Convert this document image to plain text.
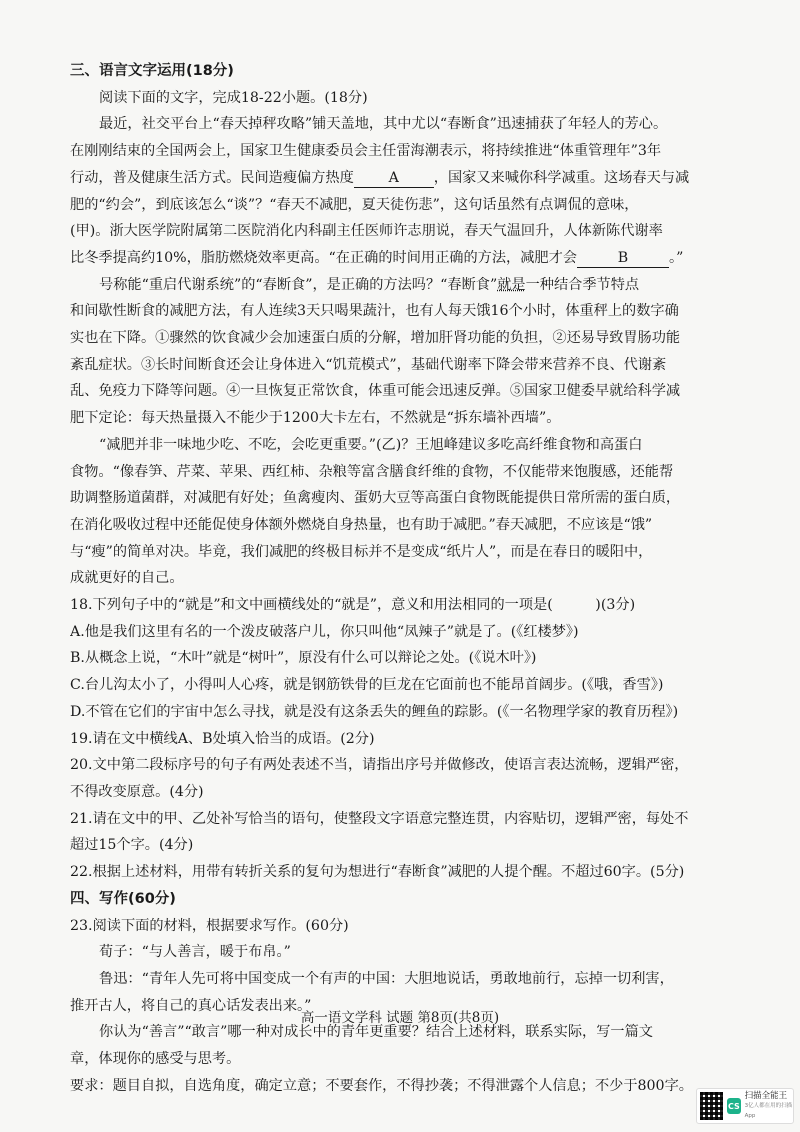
三、语言文字运用(18分)
阅读下面的文字，完成18-22小题。(18分)
最近，社交平台上“春天掉秤攻略”铺天盖地，其中尤以“春断食”迅速捕获了年轻人的芳心。
在刚刚结束的全国两会上，国家卫生健康委员会主任雷海潮表示，将持续推进“体重管理年”3年
行动，普及健康生活方式。民间造瘦偏方热度 A ，国家又来喊你科学减重。这场春天与减
肥的“约会”，到底该怎么“谈”？“春天不减肥，夏天徒伤悲”，这句话虽然有点调侃的意味，
(甲)。浙大医学院附属第二医院消化内科副主任医师许志朋说，春天气温回升，人体新陈代谢率
比冬季提高约10%，脂肪燃烧效率更高。“在正确的时间用正确的方法，减肥才会	B	。”
号称能“重启代谢系统”的“春断食”，是正确的方法吗？“春断食”就是一种结合季节特点
和间歇性断食的减肥方法，有人连续3天只喝果蔬汁，也有人每天饿16个小时，体重秤上的数字确
实也在下降。①骤然的饮食减少会加速蛋白质的分解，增加肝肾功能的负担，②还易导致胃肠功能
紊乱症状。③长时间断食还会让身体进入“饥荒模式”，基础代谢率下降会带来营养不良、代谢紊
乱、免疫力下降等问题。④一旦恢复正常饮食，体重可能会迅速反弹。⑤国家卫健委早就给科学减
肥下定论：每天热量摄入不能少于1200大卡左右，不然就是“拆东墙补西墙”。
“减肥并非一味地少吃、不吃，会吃更重要。”(乙)？王旭峰建议多吃高纤维食物和高蛋白
食物。“像春笋、芹菜、苹果、西红柿、杂粮等富含膳食纤维的食物，不仅能带来饱腹感，还能帮
助调整肠道菌群，对减肥有好处；鱼禽瘦肉、蛋奶大豆等高蛋白食物既能提供日常所需的蛋白质，
在消化吸收过程中还能促使身体额外燃烧自身热量，也有助于减肥。”春天减肥，不应该是“饿”
与“瘦”的简单对决。毕竟，我们减肥的终极目标并不是变成“纸片人”，而是在春日的暖阳中，
成就更好的自己。
18.下列句子中的“就是”和文中画横线处的“就是”，意义和用法相同的一项是(　　　)(3分)
A.他是我们这里有名的一个泼皮破落户儿，你只叫他“凤辣子”就是了。(《红楼梦》)
B.从概念上说，“木叶”就是“树叶”，原没有什么可以辩论之处。(《说木叶》)
C.台儿沟太小了，小得叫人心疼，就是钢筋铁骨的巨龙在它面前也不能昂首阔步。(《哦，香雪》)
D.不管在它们的宇宙中怎么寻找，就是没有这条丢失的鲤鱼的踪影。(《一名物理学家的教育历程》)
19.请在文中横线A、B处填入恰当的成语。(2分)
20.文中第二段标序号的句子有两处表述不当，请指出序号并做修改，使语言表达流畅，逻辑严密，
不得改变原意。(4分)
21.请在文中的甲、乙处补写恰当的语句，使整段文字语意完整连贯，内容贴切，逻辑严密，每处不
超过15个字。(4分)
22.根据上述材料，用带有转折关系的复句为想进行“春断食”减肥的人提个醒。不超过60字。(5分)
四、写作(60分)
23.阅读下面的材料，根据要求写作。(60分)
荀子：“与人善言，暖于布帛。”
鲁迅：“青年人先可将中国变成一个有声的中国：大胆地说话，勇敢地前行，忘掉一切利害，
推开古人，将自己的真心话发表出来。”
你认为“善言”“敢言”哪一种对成长中的青年更重要？结合上述材料，联系实际，写一篇文
章，体现你的感受与思考。
要求：题目自拟，自选角度，确定立意；不要套作，不得抄袭；不得泄露个人信息；不少于800字。
高一语文学科 试题 第8页(共8页)
CS
扫描全能王
3亿人都在用的扫描App
